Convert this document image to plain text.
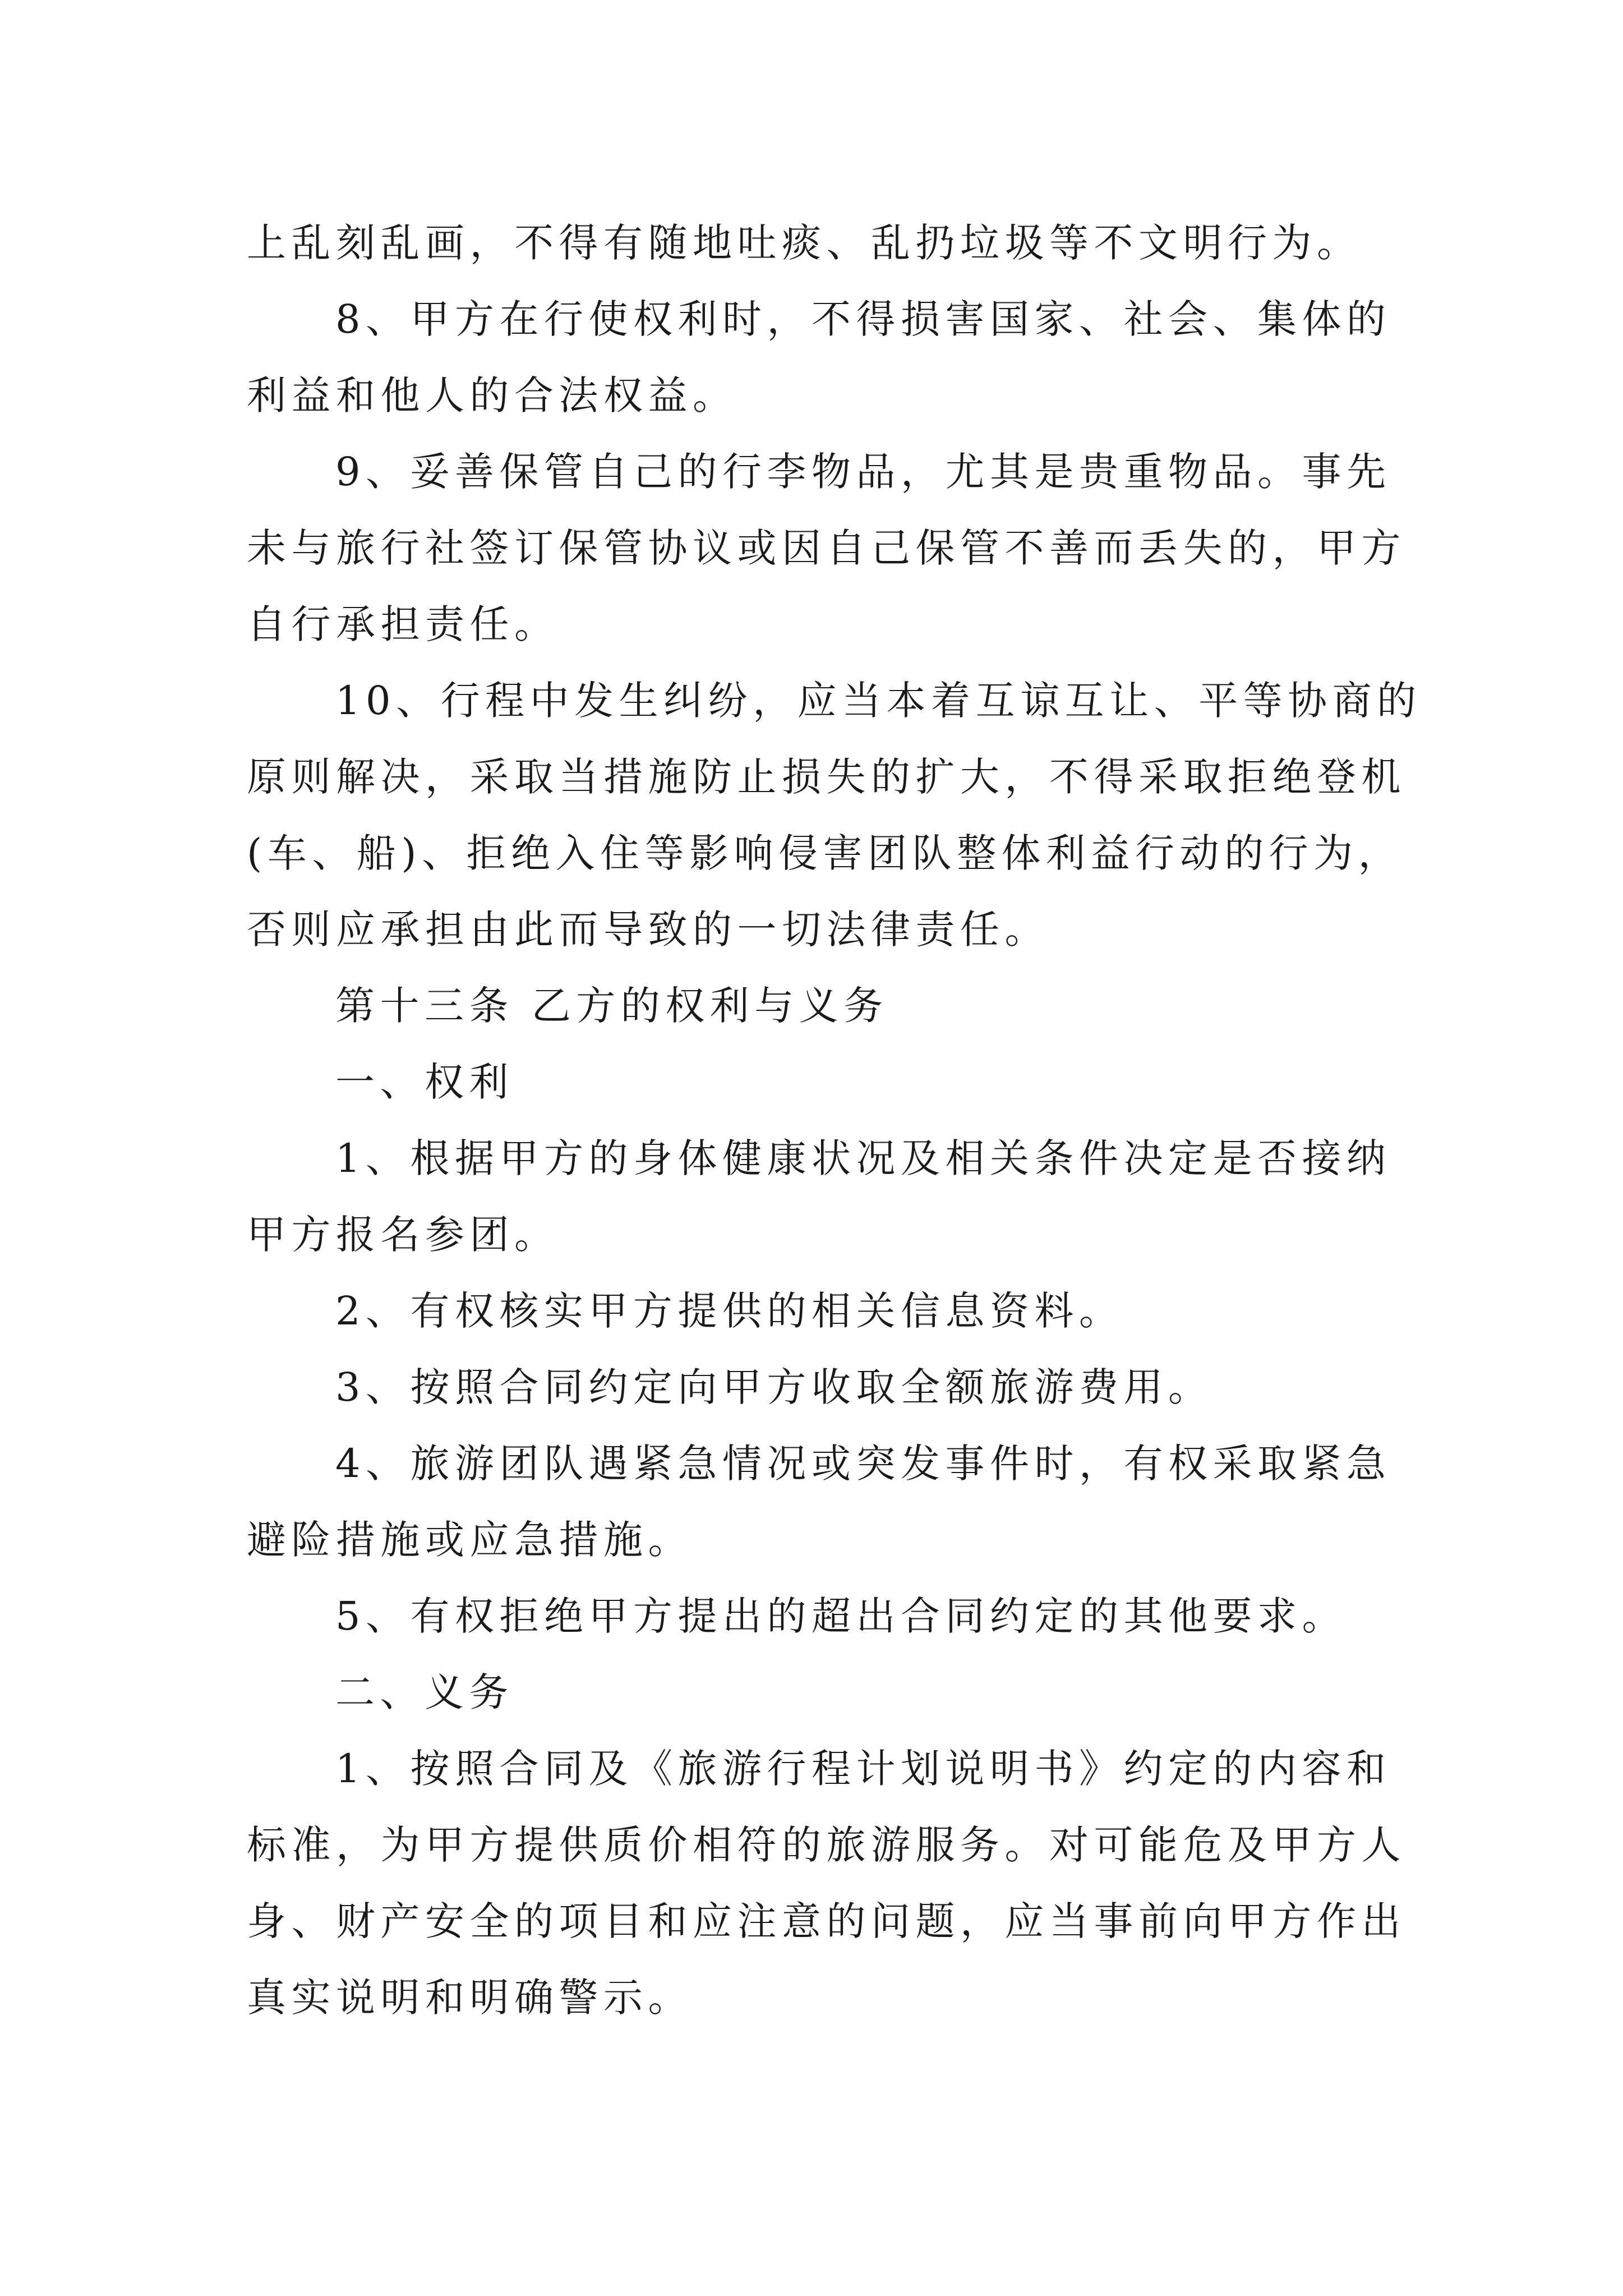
上乱刻乱画，不得有随地吐痰、乱扔垃圾等不文明行为。
8、甲方在行使权利时，不得损害国家、社会、集体的
利益和他人的合法权益。
9、妥善保管自己的行李物品，尤其是贵重物品。事先
未与旅行社签订保管协议或因自己保管不善而丢失的，甲方
自行承担责任。
10、行程中发生纠纷，应当本着互谅互让、平等协商的
原则解决，采取当措施防止损失的扩大，不得采取拒绝登机
(车、船)、拒绝入住等影响侵害团队整体利益行动的行为，
否则应承担由此而导致的一切法律责任。
第十三条 乙方的权利与义务
一、权利
1、根据甲方的身体健康状况及相关条件决定是否接纳
甲方报名参团。
2、有权核实甲方提供的相关信息资料。
3、按照合同约定向甲方收取全额旅游费用。
4、旅游团队遇紧急情况或突发事件时，有权采取紧急
避险措施或应急措施。
5、有权拒绝甲方提出的超出合同约定的其他要求。
二、义务
1、按照合同及《旅游行程计划说明书》约定的内容和
标准，为甲方提供质价相符的旅游服务。对可能危及甲方人
身、财产安全的项目和应注意的问题，应当事前向甲方作出
真实说明和明确警示。
